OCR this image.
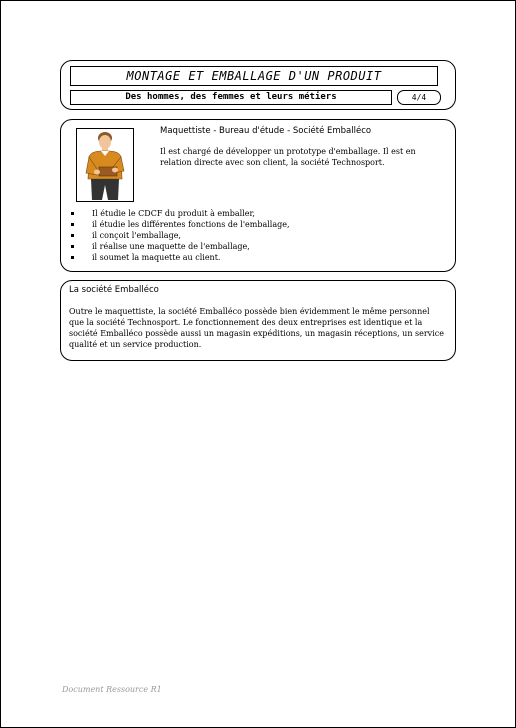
MONTAGE ET EMBALLAGE D'UN PRODUIT
Des hommes, des femmes et leurs métiers	4/4
Maquettiste - Bureau d'étude - Société Emballéco
Il est chargé de développer un prototype d'emballage. Il est en relation directe avec son client, la société Technosport.
Il étudie le CDCF du produit à emballer,
il étudie les différentes fonctions de l'emballage,
il conçoit l'emballage,
il réalise une maquette de l'emballage,
il soumet la maquette au client.
La société Emballéco
Outre le maquettiste, la société Emballéco possède bien évidemment le même personnel que la société Technosport. Le fonctionnement des deux entreprises est identique et la société Emballéco possède aussi un magasin expéditions, un magasin réceptions, un service qualité et un service production.
Document Ressource R1
